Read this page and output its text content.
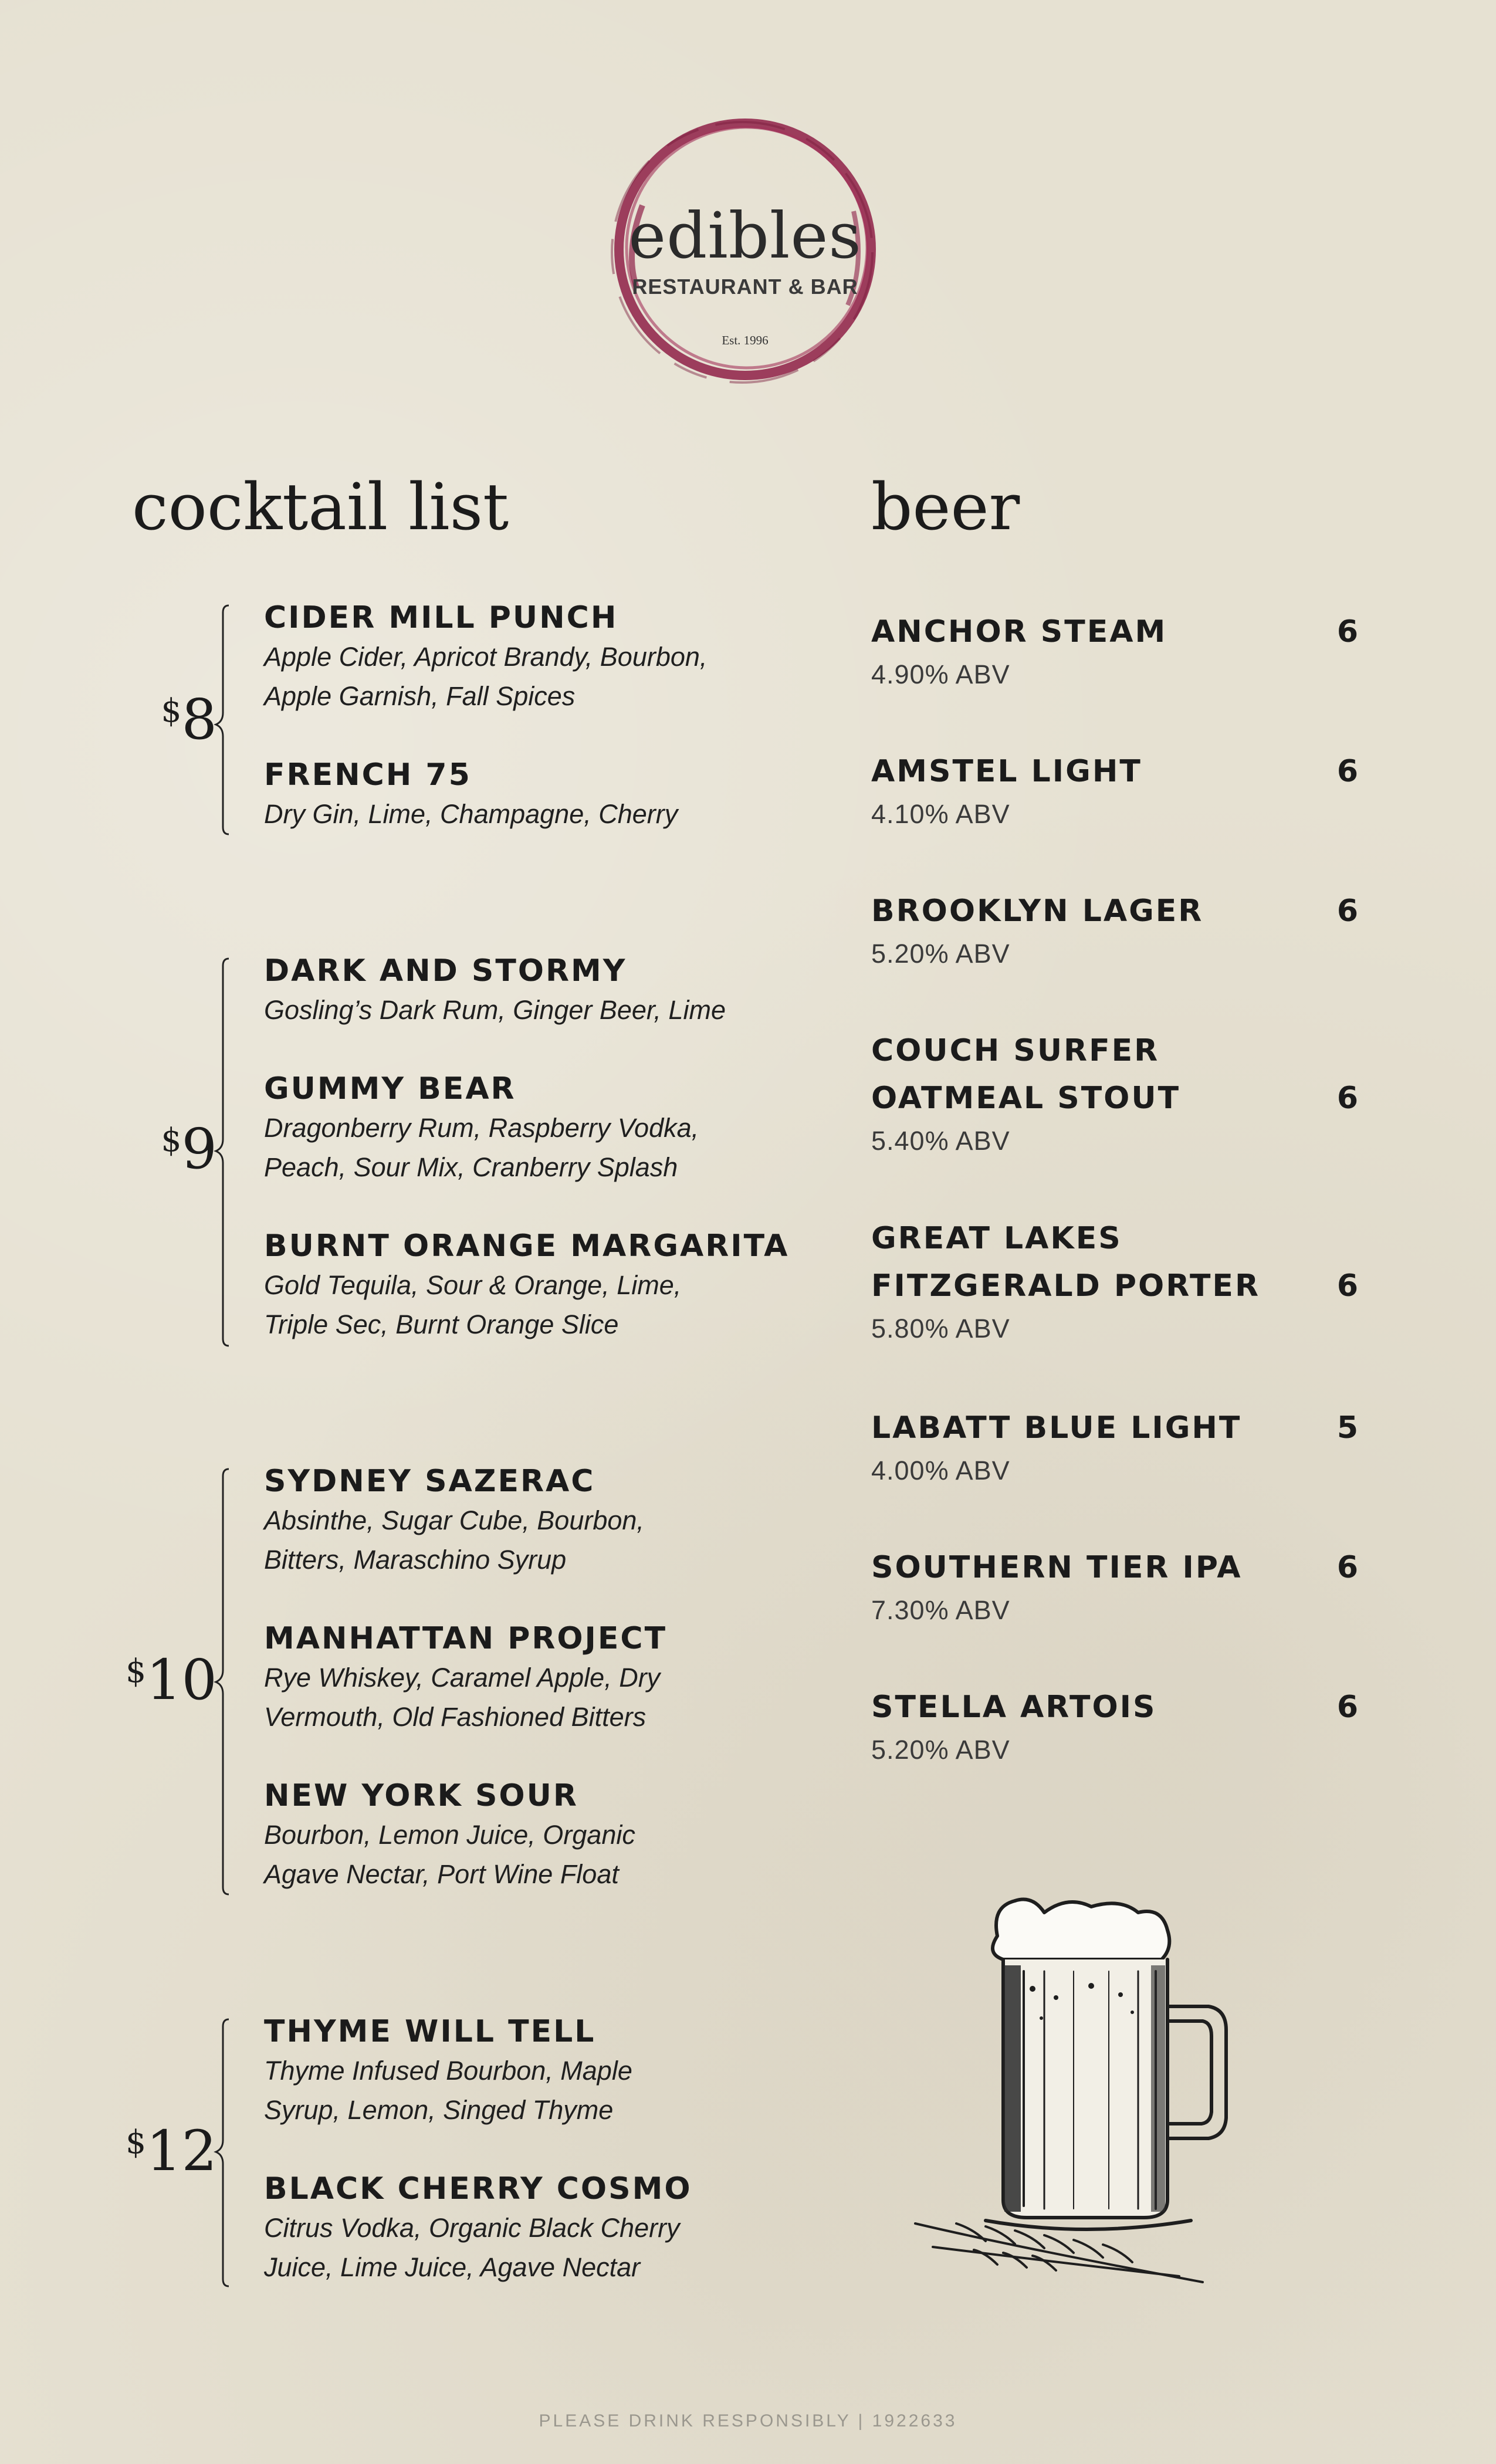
edibles
RESTAURANT & BAR
Est. 1996
cocktail list	beer
$8
CIDER MILL PUNCH
Apple Cider, Apricot Brandy, Bourbon,
Apple Garnish, Fall Spices
FRENCH 75
Dry Gin, Lime, Champagne, Cherry
$9
DARK AND STORMY
Gosling’s Dark Rum, Ginger Beer, Lime
GUMMY BEAR
Dragonberry Rum, Raspberry Vodka,
Peach, Sour Mix, Cranberry Splash
BURNT ORANGE MARGARITA
Gold Tequila, Sour & Orange, Lime,
Triple Sec, Burnt Orange Slice
$10
SYDNEY SAZERAC
Absinthe, Sugar Cube, Bourbon,
Bitters, Maraschino Syrup
MANHATTAN PROJECT
Rye Whiskey, Caramel Apple, Dry
Vermouth, Old Fashioned Bitters
NEW YORK SOUR
Bourbon, Lemon Juice, Organic
Agave Nectar, Port Wine Float
$12
THYME WILL TELL
Thyme Infused Bourbon, Maple
Syrup, Lemon, Singed Thyme
BLACK CHERRY COSMO
Citrus Vodka, Organic Black Cherry
Juice, Lime Juice, Agave Nectar
6
ANCHOR STEAM
4.90% ABV
6
AMSTEL LIGHT
4.10% ABV
6
BROOKLYN LAGER
5.20% ABV
6
COUCH SURFER
OATMEAL STOUT
5.40% ABV
6
GREAT LAKES
FITZGERALD PORTER
5.80% ABV
5
LABATT BLUE LIGHT
4.00% ABV
6
SOUTHERN TIER IPA
7.30% ABV
6
STELLA ARTOIS
5.20% ABV
PLEASE DRINK RESPONSIBLY | 1922633
